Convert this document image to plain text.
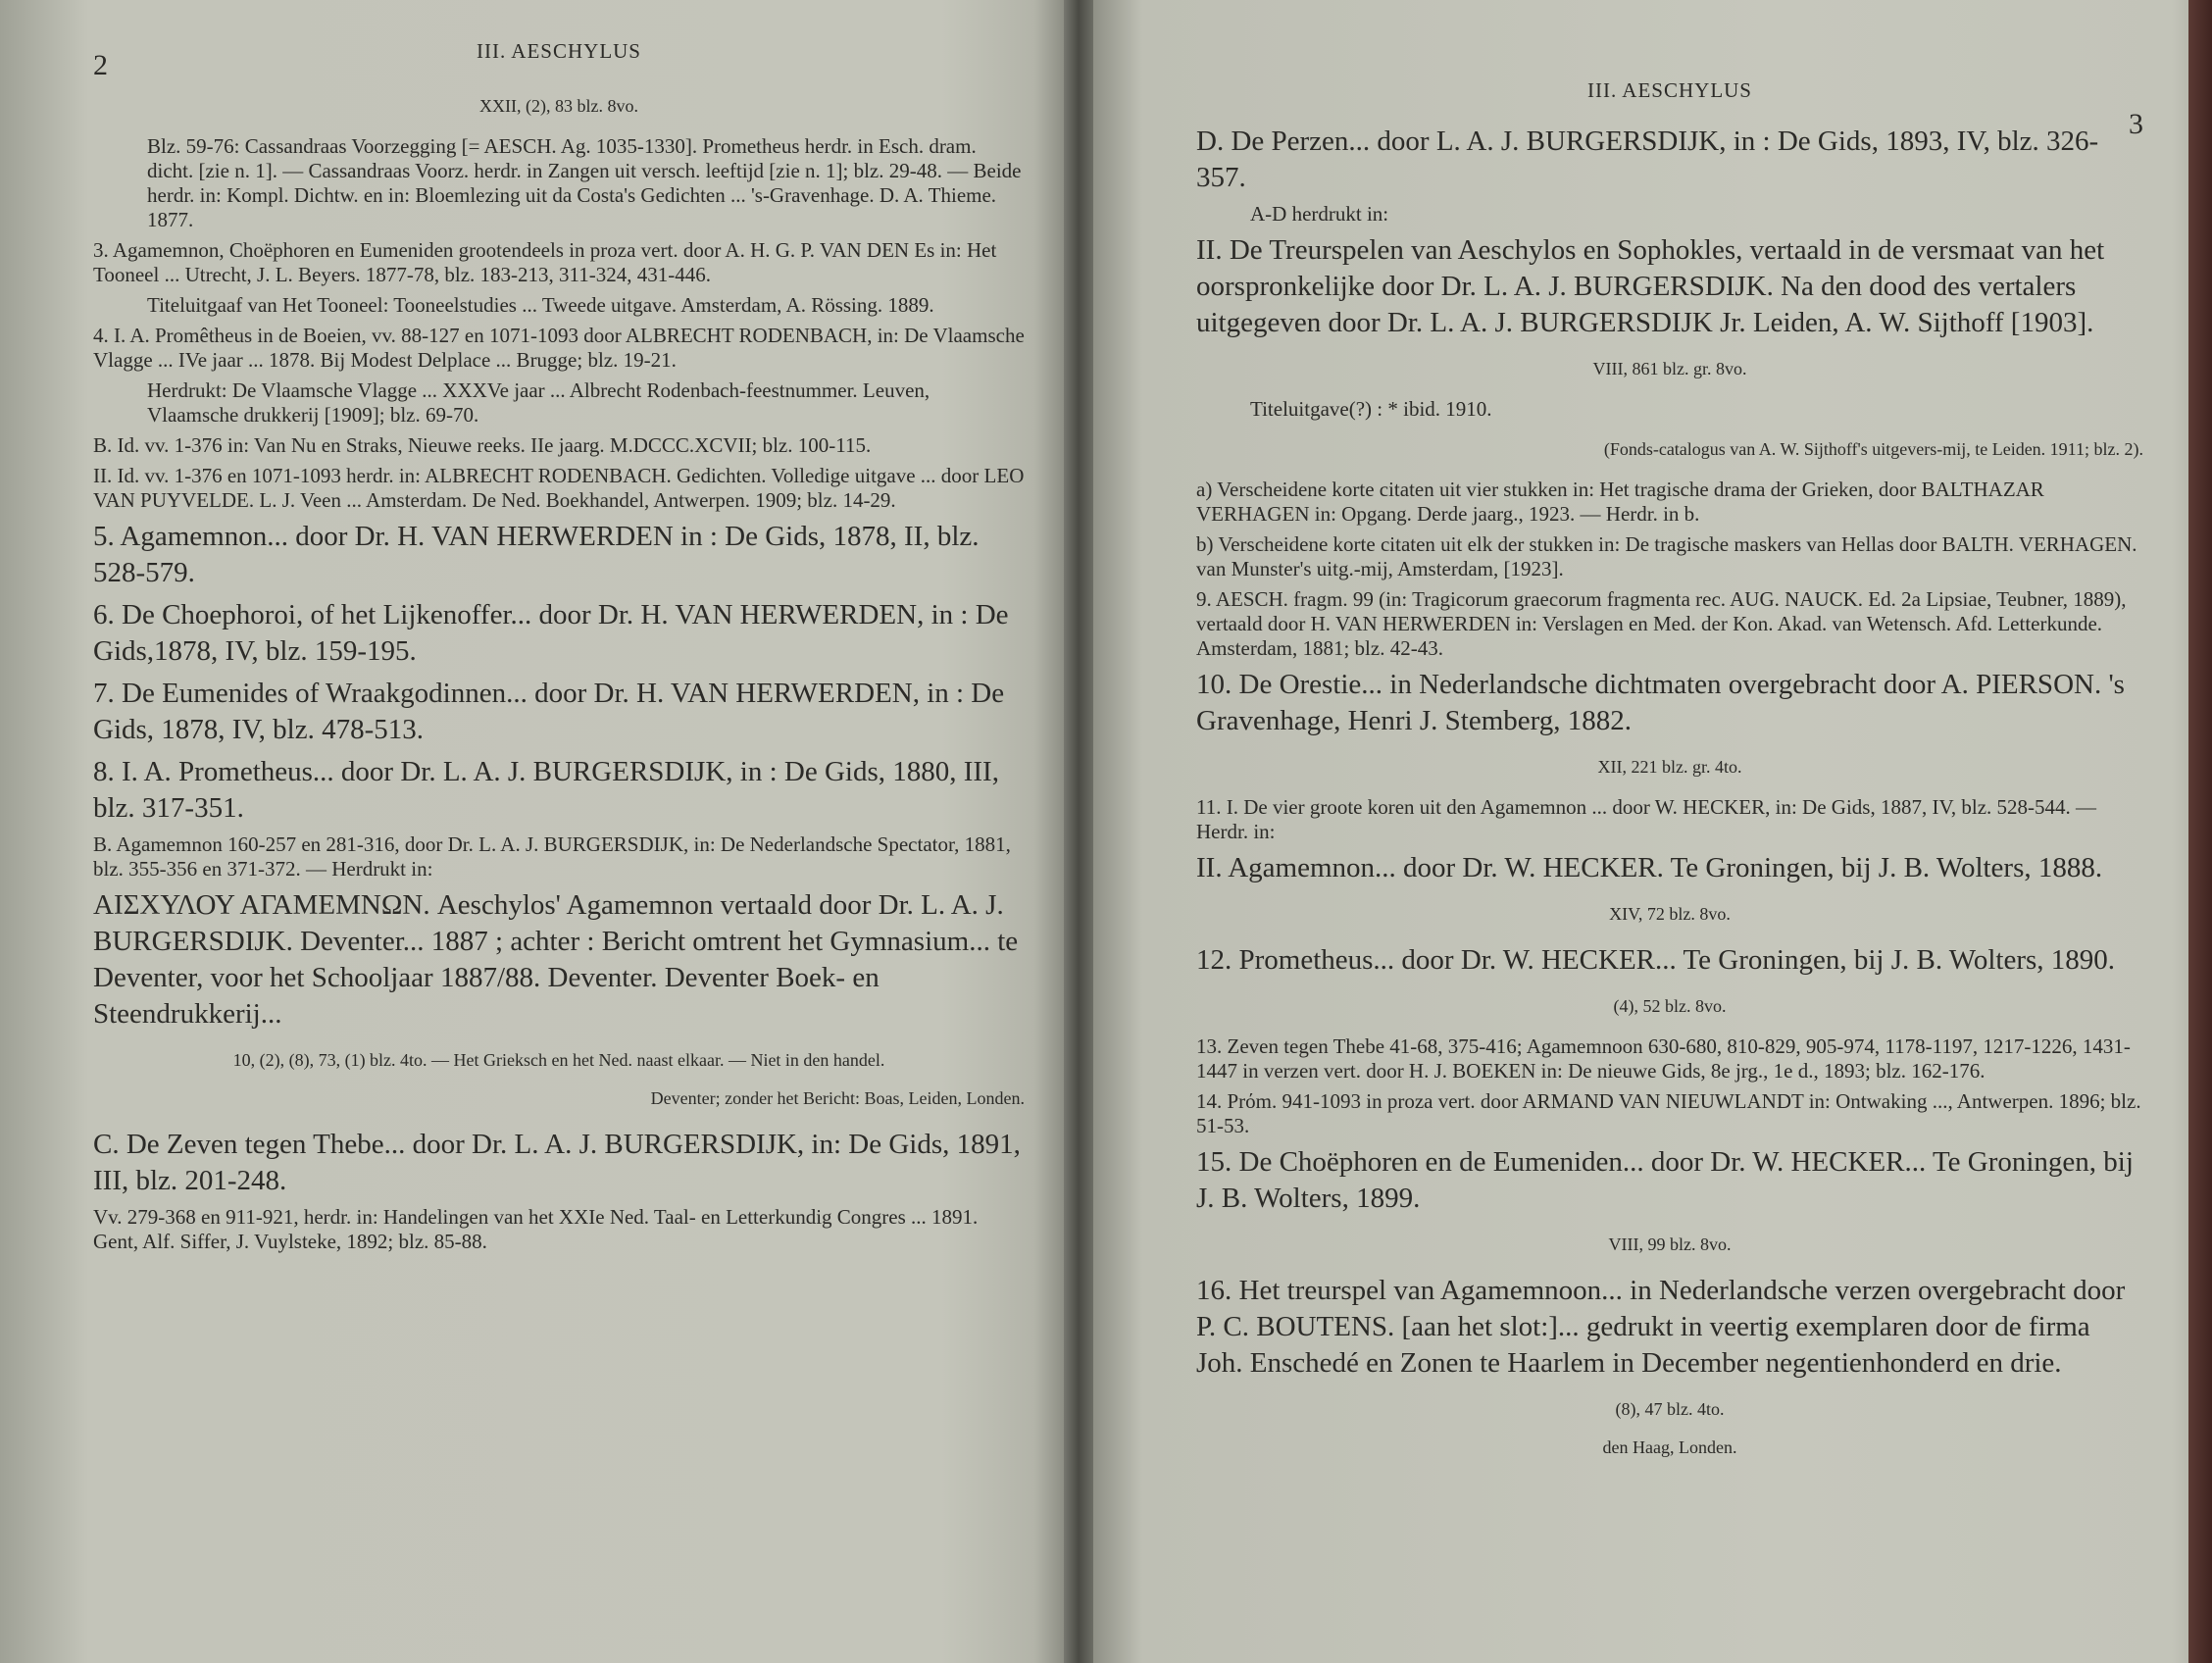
2	III. AESCHYLUS

XXII, (2), 83 blz. 8vo.

Blz. 59-76: Cassandraas Voorzegging [= AESCH. Ag. 1035-1330]. Prometheus herdr. in Esch. dram. dicht. [zie n. 1]. — Cassandraas Voorz. herdr. in Zangen uit versch. leeftijd [zie n. 1]; blz. 29-48. — Beide herdr. in: Kompl. Dichtw. en in: Bloemlezing uit da Costa's Gedichten ... 's-Gravenhage. D. A. Thieme. 1877.

3. Agamemnon, Choëphoren en Eumeniden grootendeels in proza vert. door A. H. G. P. VAN DEN Es in: Het Tooneel ... Utrecht, J. L. Beyers. 1877-78, blz. 183-213, 311-324, 431-446.

Titeluitgaaf van Het Tooneel: Tooneelstudies ... Tweede uitgave. Amsterdam, A. Rössing. 1889.

4. I. A. Promêtheus in de Boeien, vv. 88-127 en 1071-1093 door ALBRECHT RODENBACH, in: De Vlaamsche Vlagge ... IVe jaar ... 1878. Bij Modest Delplace ... Brugge; blz. 19-21.

Herdrukt: De Vlaamsche Vlagge ... XXXVe jaar ... Albrecht Rodenbach-feestnummer. Leuven, Vlaamsche drukkerij [1909]; blz. 69-70.

B. Id. vv. 1-376 in: Van Nu en Straks, Nieuwe reeks. IIe jaarg. M.DCCC.XCVII; blz. 100-115.

II. Id. vv. 1-376 en 1071-1093 herdr. in: ALBRECHT RODENBACH. Gedichten. Volledige uitgave ... door LEO VAN PUYVELDE. L. J. Veen ... Amsterdam. De Ned. Boekhandel, Antwerpen. 1909; blz. 14-29.

5. Agamemnon... door Dr. H. VAN HERWERDEN in : De Gids, 1878, II, blz. 528-579.

6. De Choephoroi, of het Lijkenoffer... door Dr. H. VAN HERWERDEN, in : De Gids,1878, IV, blz. 159-195.

7. De Eumenides of Wraakgodinnen... door Dr. H. VAN HERWERDEN, in : De Gids, 1878, IV, blz. 478-513.

8. I. A. Prometheus... door Dr. L. A. J. BURGERSDIJK, in : De Gids, 1880, III, blz. 317-351.

B. Agamemnon 160-257 en 281-316, door Dr. L. A. J. BURGERSDIJK, in: De Nederlandsche Spectator, 1881, blz. 355-356 en 371-372. — Herdrukt in:

ΑΙΣΧΥΛΟΥ ΑΓΑΜΕΜΝΩΝ. Aeschylos' Agamemnon vertaald door Dr. L. A. J. BURGERSDIJK. Deventer... 1887 ; achter : Bericht omtrent het Gymnasium... te Deventer, voor het Schooljaar 1887/88. Deventer. Deventer Boek- en Steendrukkerij...

10, (2), (8), 73, (1) blz. 4to. — Het Grieksch en het Ned. naast elkaar. — Niet in den handel.

Deventer; zonder het Bericht: Boas, Leiden, Londen.

C. De Zeven tegen Thebe... door Dr. L. A. J. BURGERSDIJK, in: De Gids, 1891, III, blz. 201-248.

Vv. 279-368 en 911-921, herdr. in: Handelingen van het XXIe Ned. Taal- en Letterkundig Congres ... 1891. Gent, Alf. Siffer, J. Vuylsteke, 1892; blz. 85-88.

III. AESCHYLUS
3

D. De Perzen... door L. A. J. BURGERSDIJK, in : De Gids, 1893, IV, blz. 326-357.

A-D herdrukt in:

II. De Treurspelen van Aeschylos en Sophokles, vertaald in de versmaat van het oorspronkelijke door Dr. L. A. J. BURGERSDIJK. Na den dood des vertalers uitgegeven door Dr. L. A. J. BURGERSDIJK Jr. Leiden, A. W. Sijthoff [1903].

VIII, 861 blz. gr. 8vo.

Titeluitgave(?) : * ibid. 1910.

(Fonds-catalogus van A. W. Sijthoff's uitgevers-mij, te Leiden. 1911; blz. 2).

a) Verscheidene korte citaten uit vier stukken in: Het tragische drama der Grieken, door BALTHAZAR VERHAGEN in: Opgang. Derde jaarg., 1923. — Herdr. in b.

b) Verscheidene korte citaten uit elk der stukken in: De tragische maskers van Hellas door BALTH. VERHAGEN. van Munster's uitg.-mij, Amsterdam, [1923].

9. AESCH. fragm. 99 (in: Tragicorum graecorum fragmenta rec. AUG. NAUCK. Ed. 2a Lipsiae, Teubner, 1889), vertaald door H. VAN HERWERDEN in: Verslagen en Med. der Kon. Akad. van Wetensch. Afd. Letterkunde. Amsterdam, 1881; blz. 42-43.

10. De Orestie... in Nederlandsche dichtmaten overgebracht door A. PIERSON. 's Gravenhage, Henri J. Stemberg, 1882.

XII, 221 blz. gr. 4to.

11. I. De vier groote koren uit den Agamemnon ... door W. HECKER, in: De Gids, 1887, IV, blz. 528-544. — Herdr. in:

II. Agamemnon... door Dr. W. HECKER. Te Groningen, bij J. B. Wolters, 1888.

XIV, 72 blz. 8vo.

12. Prometheus... door Dr. W. HECKER... Te Groningen, bij J. B. Wolters, 1890.

(4), 52 blz. 8vo.

13. Zeven tegen Thebe 41-68, 375-416; Agamemnoon 630-680, 810-829, 905-974, 1178-1197, 1217-1226, 1431-1447 in verzen vert. door H. J. BOEKEN in: De nieuwe Gids, 8e jrg., 1e d., 1893; blz. 162-176.

14. Prόm. 941-1093 in proza vert. door ARMAND VAN NIEUWLANDT in: Ontwaking ..., Antwerpen. 1896; blz. 51-53.

15. De Choëphoren en de Eumeniden... door Dr. W. HECKER... Te Groningen, bij J. B. Wolters, 1899.

VIII, 99 blz. 8vo.

16. Het treurspel van Agamemnoon... in Nederlandsche verzen overgebracht door P. C. BOUTENS. [aan het slot:]... gedrukt in veertig exemplaren door de firma Joh. Enschedé en Zonen te Haarlem in December negentienhonderd en drie.

(8), 47 blz. 4to.

den Haag, Londen.
